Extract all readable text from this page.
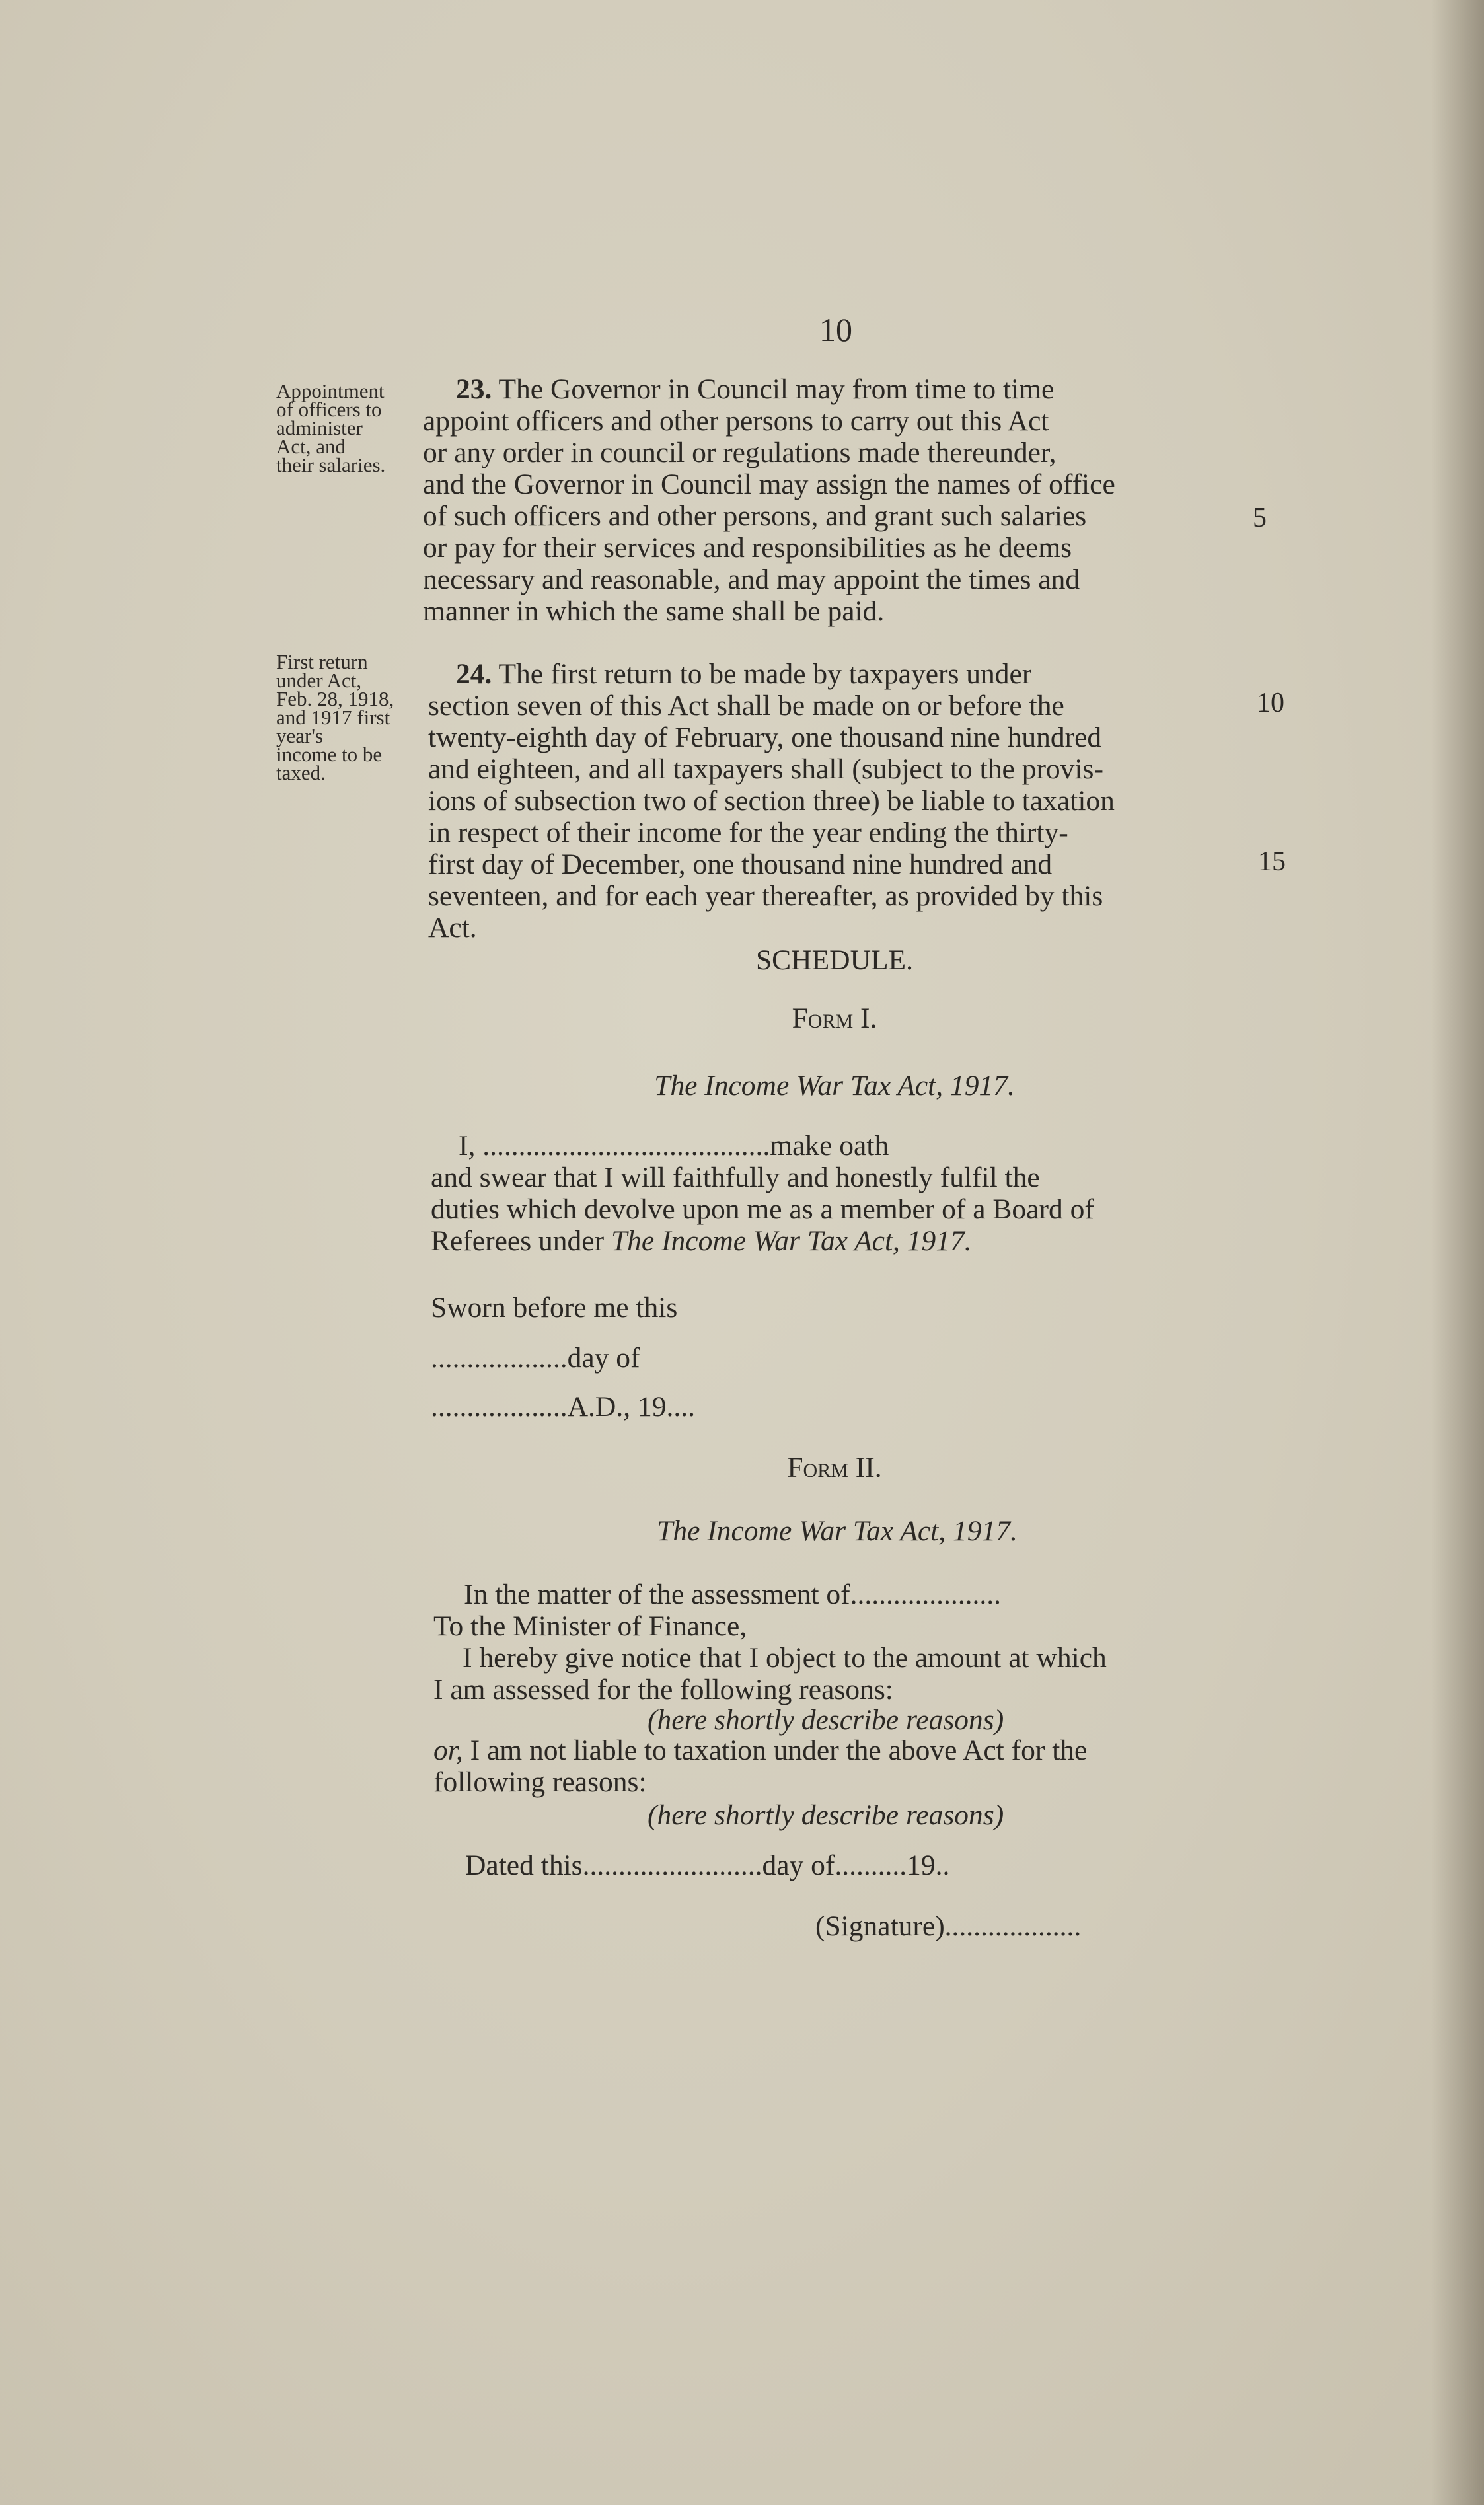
10
Appointment
of officers to
administer
Act, and
their salaries.
First return
under Act,
Feb. 28, 1918,
and 1917 first
year's
income to be
taxed.

23. The Governor in Council may from time to time

appoint officers and other persons to carry out this Act

or any order in council or regulations made thereunder,

and the Governor in Council may assign the names of office

of such officers and other persons, and grant such salaries

or pay for their services and responsibilities as he deems

necessary and reasonable, and may appoint the times and

manner in which the same shall be paid.

24. The first return to be made by taxpayers under

section seven of this Act shall be made on or before the

twenty-eighth day of February, one thousand nine hundred

and eighteen, and all taxpayers shall (subject to the provis-

ions of subsection two of section three) be liable to taxation

in respect of their income for the year ending the thirty-

first day of December, one thousand nine hundred and

seventeen, and for each year thereafter, as provided by this

Act.

5
10
15
SCHEDULE.
Form I.
The Income War Tax Act, 1917.

I, ........................................make oath

and swear that I will faithfully and honestly fulfil the

duties which devolve upon me as a member of a Board of

Referees under The Income War Tax Act, 1917.

Sworn before me this
...................day of
...................A.D., 19....
Form II.
The Income War Tax Act, 1917.
In the matter of the assessment of.....................
To the Minister of Finance,
I hereby give notice that I object to the amount at which
I am assessed for the following reasons:
(here shortly describe reasons)
or, I am not liable to taxation under the above Act for the
following reasons:
(here shortly describe reasons)
Dated this.........................day of..........19..
(Signature)...................
